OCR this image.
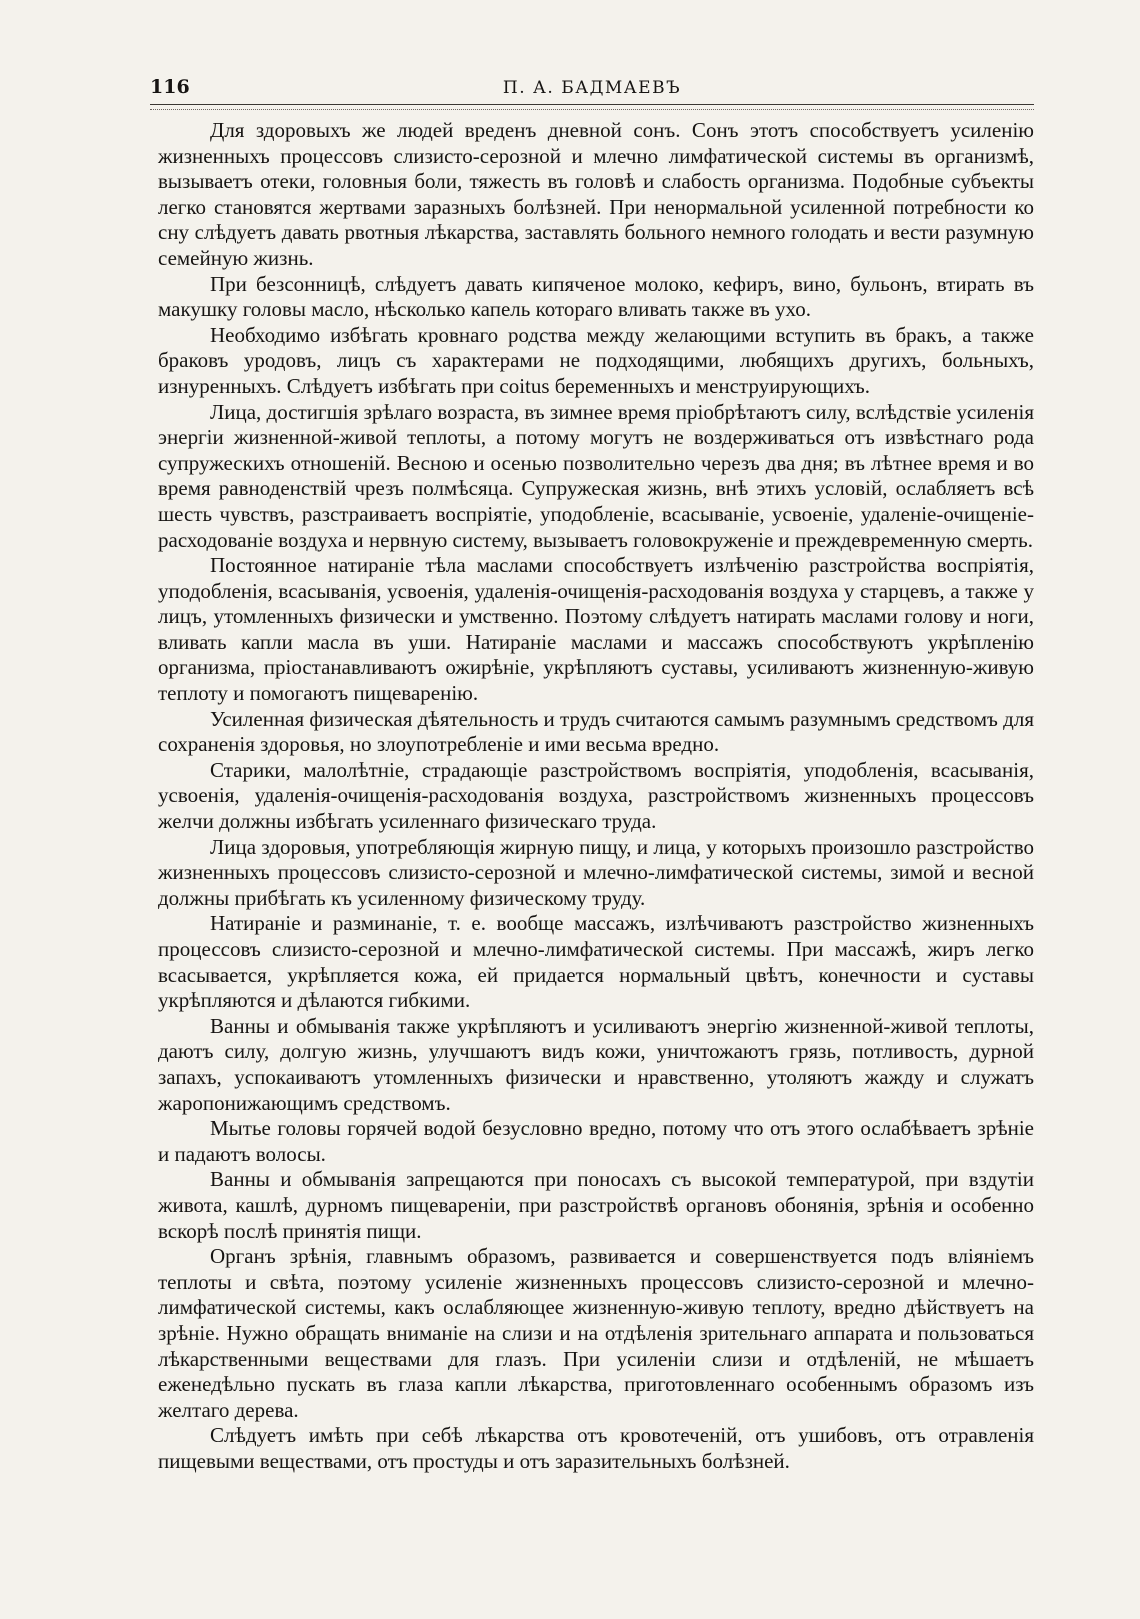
116	П. А. БАДМАЕВЪ

Для здоровыхъ же людей вреденъ дневной сонъ. Сонъ этотъ способствуетъ усиленію жизненныхъ процессовъ слизисто-серозной и млечно лимфатической системы въ организмѣ, вызываетъ отеки, головныя боли, тяжесть въ головѣ и слабость организма. Подобные субъекты легко становятся жертвами заразныхъ болѣзней. При ненормальной усиленной потребности ко сну слѣдуетъ давать рвотныя лѣкарства, заставлять больного немного голодать и вести разумную семейную жизнь.

При безсонницѣ, слѣдуетъ давать кипяченое молоко, кефиръ, вино, бульонъ, втирать въ макушку головы масло, нѣсколько капель котораго вливать также въ ухо.

Необходимо избѣгать кровнаго родства между желающими вступить въ бракъ, а также браковъ уродовъ, лицъ съ характерами не подходящими, любящихъ другихъ, больныхъ, изнуренныхъ. Слѣдуетъ избѣгать при coitus беременныхъ и менструирующихъ.

Лица, достигшія зрѣлаго возраста, въ зимнее время пріобрѣтаютъ силу, вслѣдствіе усиленія энергіи жизненной-живой теплоты, а потому могутъ не воздерживаться отъ извѣстнаго рода супружескихъ отношеній. Весною и осенью позволительно черезъ два дня; въ лѣтнее время и во время равноденствій чрезъ полмѣсяца. Супружеская жизнь, внѣ этихъ условій, ослабляетъ всѣ шесть чувствъ, разстраиваетъ воспріятіе, уподобленіе, всасываніе, усвоеніе, удаленіе-очищеніе-расходованіе воздуха и нервную систему, вызываетъ головокруженіе и преждевременную смерть.

Постоянное натираніе тѣла маслами способствуетъ излѣченію разстройства воспріятія, уподобленія, всасыванія, усвоенія, удаленія-очищенія-расходованія воздуха у старцевъ, а также у лицъ, утомленныхъ физически и умственно. Поэтому слѣдуетъ натирать маслами голову и ноги, вливать капли масла въ уши. Натираніе маслами и массажъ способствуютъ укрѣпленію организма, пріостанавливаютъ ожирѣніе, укрѣпляютъ суставы, усиливаютъ жизненную-живую теплоту и помогаютъ пищеваренію.

Усиленная физическая дѣятельность и трудъ считаются самымъ разумнымъ средствомъ для сохраненія здоровья, но злоупотребленіе и ими весьма вредно.

Старики, малолѣтніе, страдающіе разстройствомъ воспріятія, уподобленія, всасыванія, усвоенія, удаленія-очищенія-расходованія воздуха, разстройствомъ жизненныхъ процессовъ желчи должны избѣгать усиленнаго физическаго труда.

Лица здоровыя, употребляющія жирную пищу, и лица, у которыхъ произошло разстройство жизненныхъ процессовъ слизисто-серозной и млечно-лимфатической системы, зимой и весной должны прибѣгать къ усиленному физическому труду.

Натираніе и разминаніе, т. е. вообще массажъ, излѣчиваютъ разстройство жизненныхъ процессовъ слизисто-серозной и млечно-лимфатической системы. При массажѣ, жиръ легко всасывается, укрѣпляется кожа, ей придается нормальный цвѣтъ, конечности и суставы укрѣпляются и дѣлаются гибкими.

Ванны и обмыванія также укрѣпляютъ и усиливаютъ энергію жизненной-живой теплоты, даютъ силу, долгую жизнь, улучшаютъ видъ кожи, уничтожаютъ грязь, потливость, дурной запахъ, успокаиваютъ утомленныхъ физически и нравственно, утоляютъ жажду и служатъ жаропонижающимъ средствомъ.

Мытье головы горячей водой безусловно вредно, потому что отъ этого ослабѣваетъ зрѣніе и падаютъ волосы.

Ванны и обмыванія запрещаются при поносахъ съ высокой температурой, при вздутіи живота, кашлѣ, дурномъ пищевареніи, при разстройствѣ органовъ обонянія, зрѣнія и особенно вскорѣ послѣ принятія пищи.

Органъ зрѣнія, главнымъ образомъ, развивается и совершенствуется подъ вліяніемъ теплоты и свѣта, поэтому усиленіе жизненныхъ процессовъ слизисто-серозной и млечно-лимфатической системы, какъ ослабляющее жизненную-живую теплоту, вредно дѣйствуетъ на зрѣніе. Нужно обращать вниманіе на слизи и на отдѣленія зрительнаго аппарата и пользоваться лѣкарственными веществами для глазъ. При усиленіи слизи и отдѣленій, не мѣшаетъ еженедѣльно пускать въ глаза капли лѣкарства, приготовленнаго особеннымъ образомъ изъ желтаго дерева.

Слѣдуетъ имѣть при себѣ лѣкарства отъ кровотеченій, отъ ушибовъ, отъ отравленія пищевыми веществами, отъ простуды и отъ заразительныхъ болѣзней.
